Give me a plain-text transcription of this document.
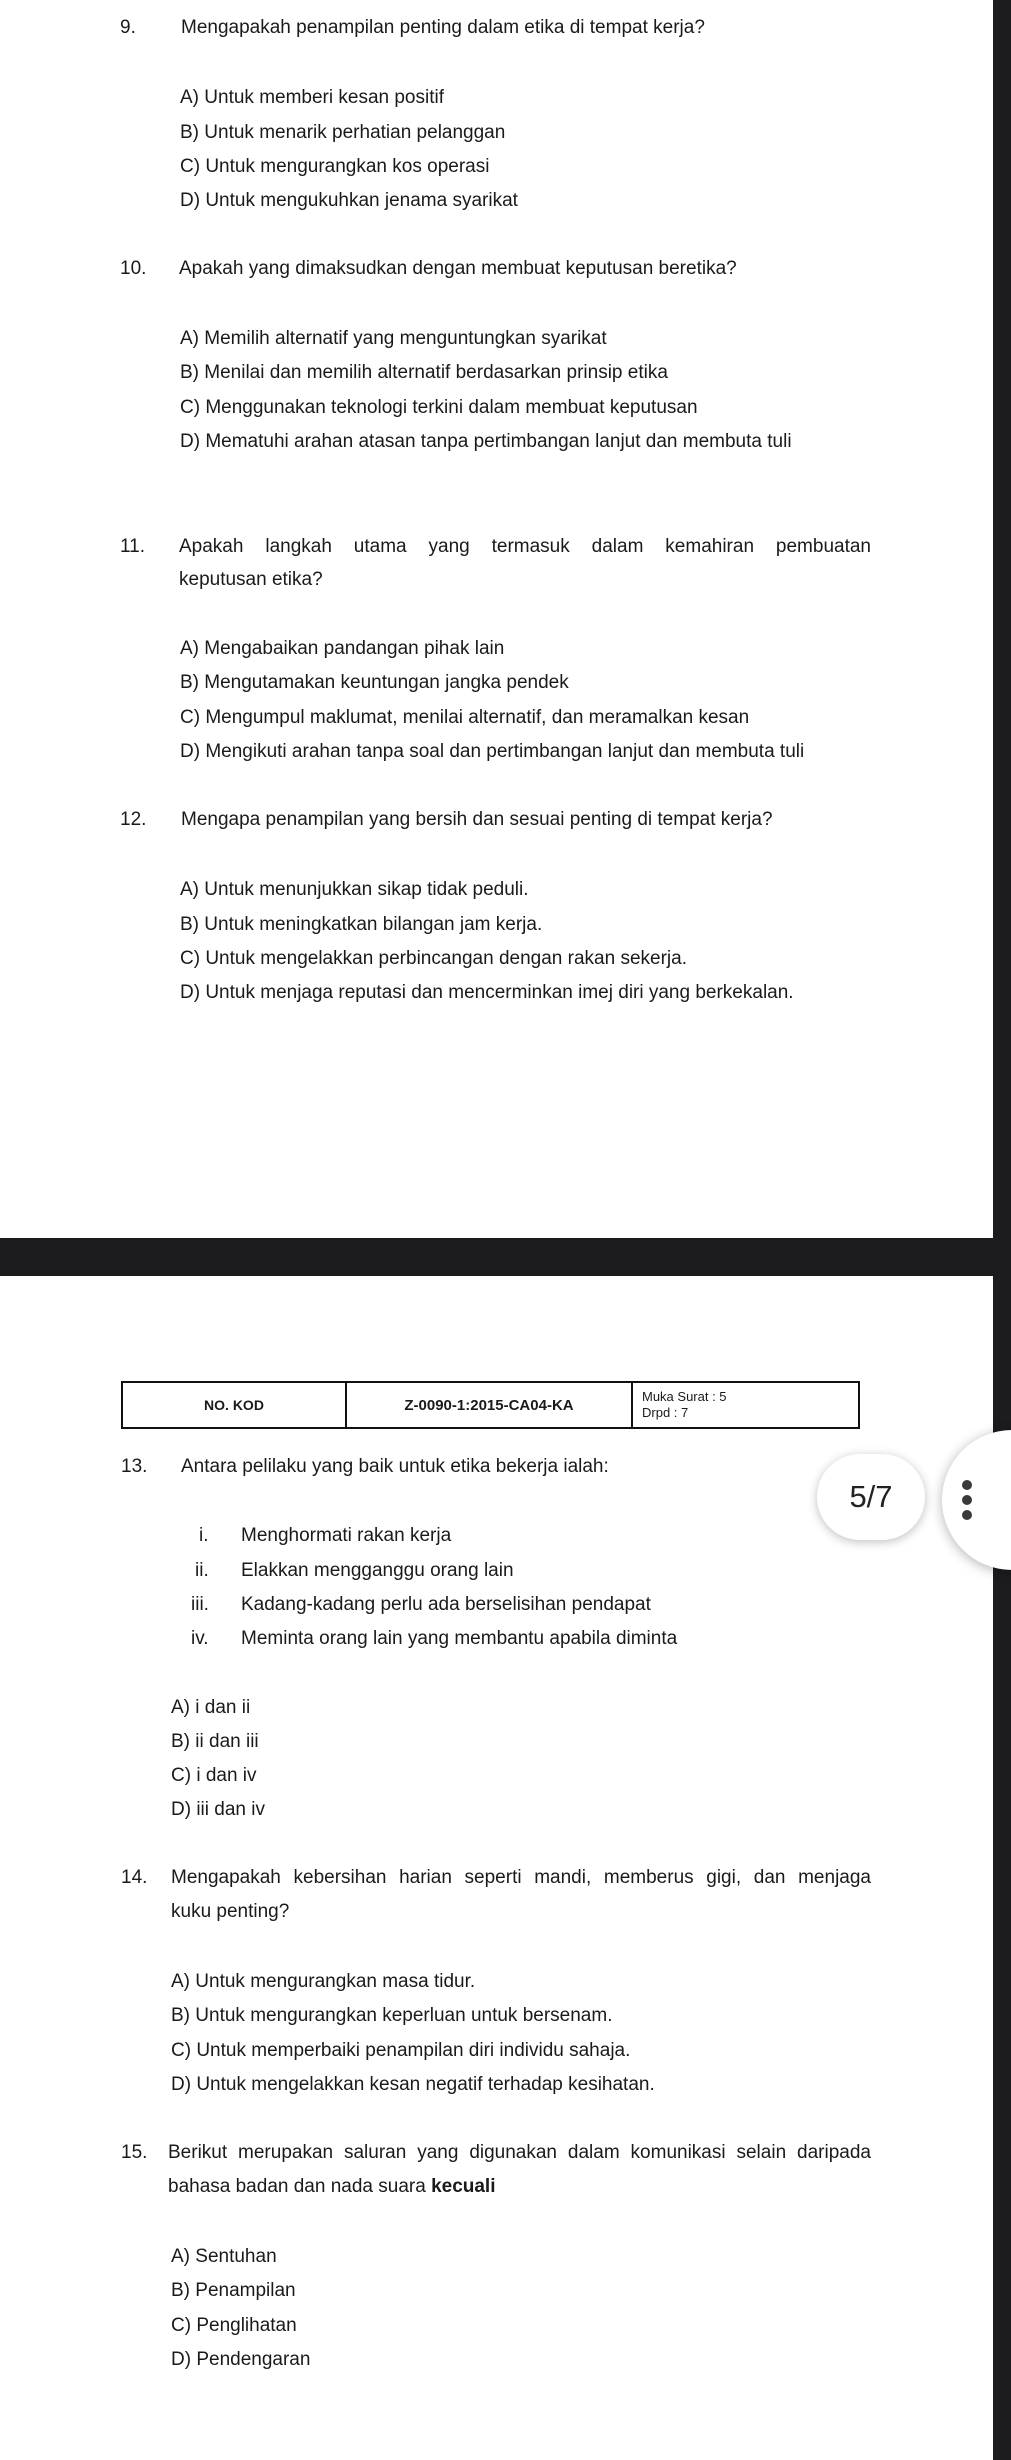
9. Mengapakah penampilan penting dalam etika di tempat kerja?
A) Untuk memberi kesan positif
B) Untuk menarik perhatian pelanggan
C) Untuk mengurangkan kos operasi
D) Untuk mengukuhkan jenama syarikat
10. Apakah yang dimaksudkan dengan membuat keputusan beretika?
A) Memilih alternatif yang menguntungkan syarikat
B) Menilai dan memilih alternatif berdasarkan prinsip etika
C) Menggunakan teknologi terkini dalam membuat keputusan
D) Mematuhi arahan atasan tanpa pertimbangan lanjut dan membuta tuli
11. Apakah langkah utama yang termasuk dalam kemahiran pembuatan
keputusan etika?
A) Mengabaikan pandangan pihak lain
B) Mengutamakan keuntungan jangka pendek
C) Mengumpul maklumat, menilai alternatif, dan meramalkan kesan
D) Mengikuti arahan tanpa soal dan pertimbangan lanjut dan membuta tuli
12. Mengapa penampilan yang bersih dan sesuai penting di tempat kerja?
A) Untuk menunjukkan sikap tidak peduli.
B) Untuk meningkatkan bilangan jam kerja.
C) Untuk mengelakkan perbincangan dengan rakan sekerja.
D) Untuk menjaga reputasi dan mencerminkan imej diri yang berkekalan.
NO. KOD	Z-0090-1:2015-CA04-KA	Muka Surat : 5
Drpd : 7
13. Antara pelilaku yang baik untuk etika bekerja ialah:
i. Menghormati rakan kerja
ii. Elakkan mengganggu orang lain
iii. Kadang-kadang perlu ada berselisihan pendapat
iv. Meminta orang lain yang membantu apabila diminta
A) i dan ii
B) ii dan iii
C) i dan iv
D) iii dan iv
14. Mengapakah kebersihan harian seperti mandi, memberus gigi, dan menjaga
kuku penting?
A) Untuk mengurangkan masa tidur.
B) Untuk mengurangkan keperluan untuk bersenam.
C) Untuk memperbaiki penampilan diri individu sahaja.
D) Untuk mengelakkan kesan negatif terhadap kesihatan.
15. Berikut merupakan saluran yang digunakan dalam komunikasi selain daripada
bahasa badan dan nada suara kecuali
A) Sentuhan
B) Penampilan
C) Penglihatan
D) Pendengaran
5/7
